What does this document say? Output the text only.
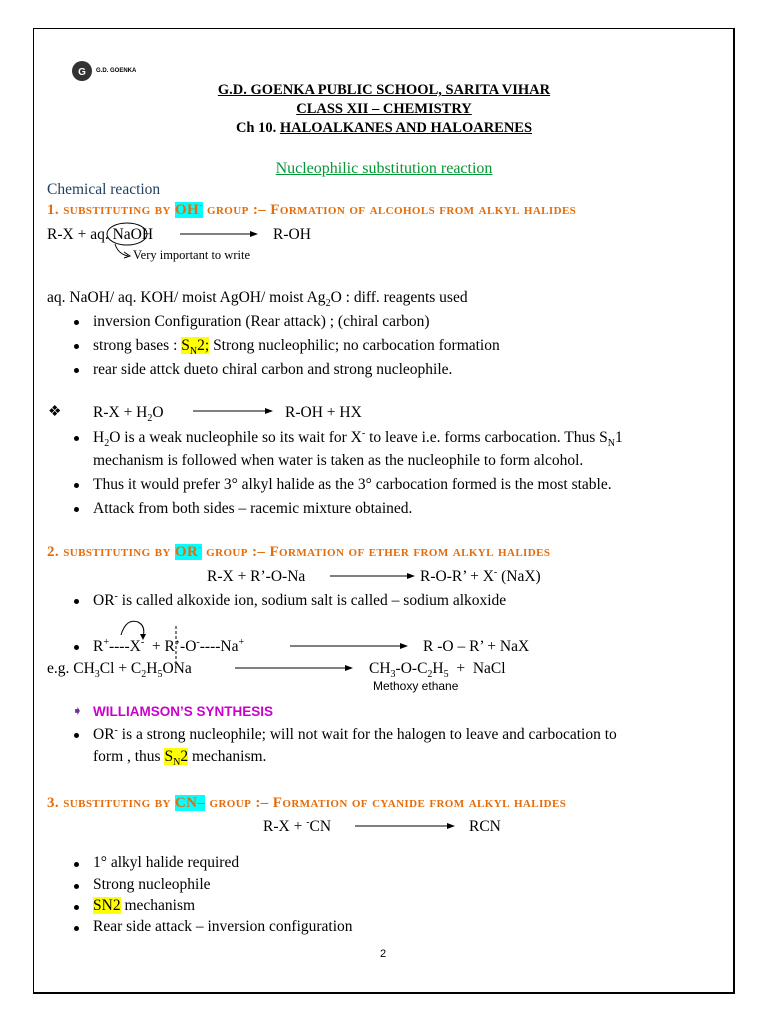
G G.D. GOENKA
G.D. GOENKA PUBLIC SCHOOL, SARITA VIHAR
CLASS XII – CHEMISTRY
Ch 10. HALOALKANES AND HALOARENES
Nucleophilic substitution reaction
Chemical reaction
1. substituting by OH- group :– Formation of alcohols from alkyl halides
R-X + aq. NaOH	R-OH
Very important to write
aq. NaOH/ aq. KOH/ moist AgOH/ moist $Ag_2O$ : diff. reagents used
inversion Configuration (Rear attack) ; (chiral carbon)
strong bases : $S_N2$; Strong nucleophilic; no carbocation formation
rear side attck dueto chiral carbon and strong nucleophile.
❖ $R-X + H_2O$	R-OH + HX
$H_2O$ is a weak nucleophile so its wait for X- to leave i.e. forms carbocation. Thus $S_N1$
mechanism is followed when water is taken as the nucleophile to form alcohol.
Thus it would prefer 3° alkyl halide as the 3° carbocation formed is the most stable.
Attack from both sides – racemic mixture obtained.
2. substituting by OR- group :– Formation of ether from alkyl halides
R-X + R’-O-Na	R-O-R’ + X- (NaX)
OR- is called alkoxide ion, sodium salt is called – sodium alkoxide
R+----X- + R’-O-----Na+	R -O – R’ + NaX
e.g. $CH_3Cl + C_2H_5ONa$	$CH_3-O-C_2H_5$  +  NaCl
Methoxy ethane
➧ WILLIAMSON’S SYNTHESIS
OR- is a strong nucleophile; will not wait for the halogen to leave and carbocation to
form , thus $S_N2$ mechanism.
3. substituting by CN– group :– Formation of cyanide from alkyl halides
R-X + -CN	RCN
1° alkyl halide required
Strong nucleophile
SN2 mechanism
Rear side attack – inversion configuration
2
